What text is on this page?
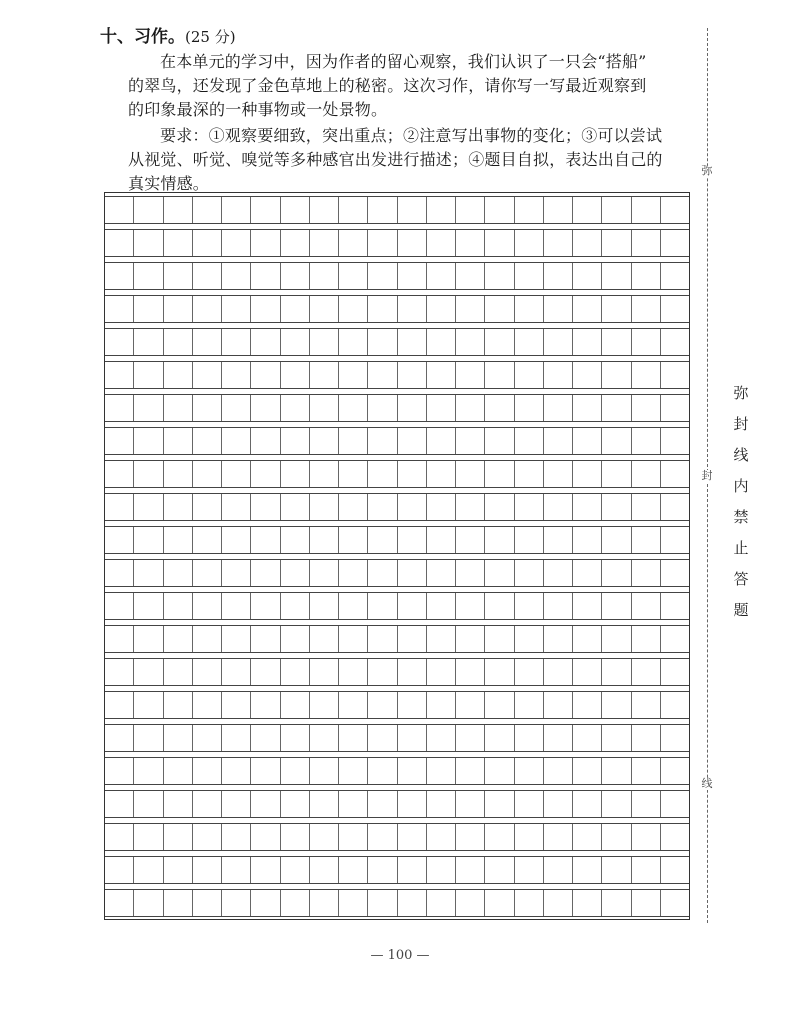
十、习作。(25 分)
在本单元的学习中，因为作者的留心观察，我们认识了一只会“搭船”
的翠鸟，还发现了金色草地上的秘密。这次习作，请你写一写最近观察到
的印象最深的一种事物或一处景物。
要求：①观察要细致，突出重点；②注意写出事物的变化；③可以尝试
从视觉、听觉、嗅觉等多种感官出发进行描述；④题目自拟，表达出自己的
真实情感。
弥
封
线
弥
封
线
内
禁
止
答
题
— 100 —
